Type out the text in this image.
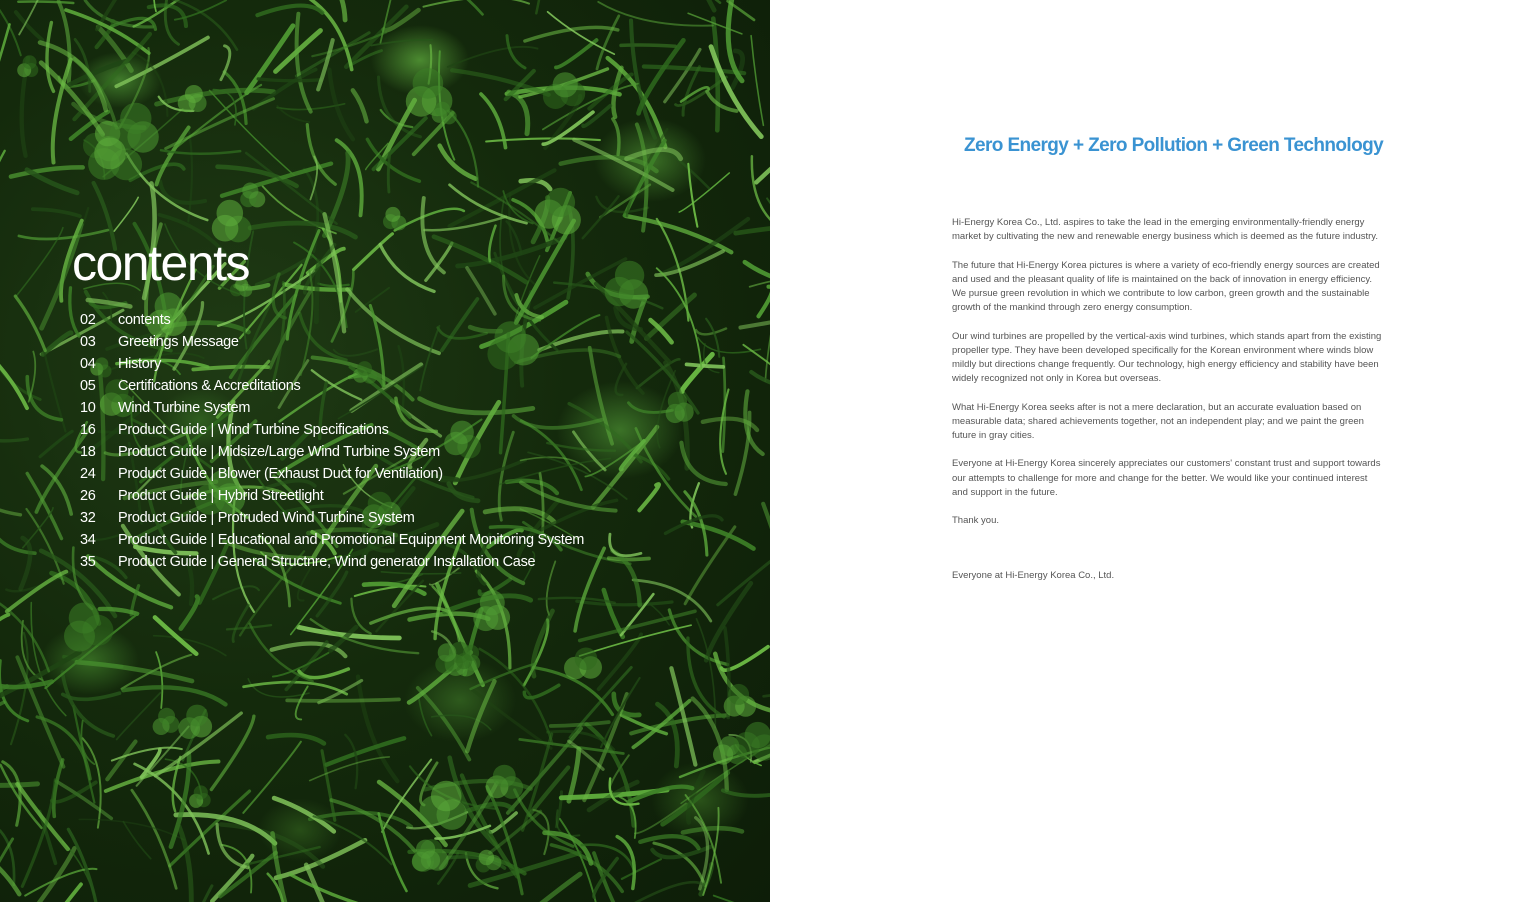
contents
02	contents
03	Greetings Message
04	History
05	Certifications & Accreditations
10	Wind Turbine System
16	Product Guide | Wind Turbine Specifications
18	Product Guide | Midsize/Large Wind Turbine System
24	Product Guide | Blower (Exhaust Duct for Ventilation)
26	Product Guide | Hybrid Streetlight
32	Product Guide | Protruded Wind Turbine System
34	Product Guide | Educational and Promotional Equipment Monitoring System
35	Product Guide | General Structnre, Wind generator Installation Case
Zero Energy + Zero Pollution + Green Technology

Hi-Energy Korea Co., Ltd. aspires to take the lead in the emerging environmentally-friendly energy market by cultivating the new and renewable energy business which is deemed as the future industry.

The future that Hi-Energy Korea pictures is where a variety of eco-friendly energy sources are created and used and the pleasant quality of life is maintained on the back of innovation in energy efficiency. We pursue green revolution in which we contribute to low carbon, green growth and the sustainable growth of the mankind through zero energy consumption.

Our wind turbines are propelled by the vertical-axis wind turbines, which stands apart from the existing propeller type. They have been developed specifically for the Korean environment where winds blow mildly but directions change frequently. Our technology, high energy efficiency and stability have been widely recognized not only in Korea but overseas.

What Hi-Energy Korea seeks after is not a mere declaration, but an accurate evaluation based on measurable data; shared achievements together, not an independent play; and we paint the green future in gray cities.

Everyone at Hi-Energy Korea sincerely appreciates our customers' constant trust and support towards our attempts to challenge for more and change for the better. We would like your continued interest and support in the future.

Thank you.

Everyone at Hi-Energy Korea Co., Ltd.
